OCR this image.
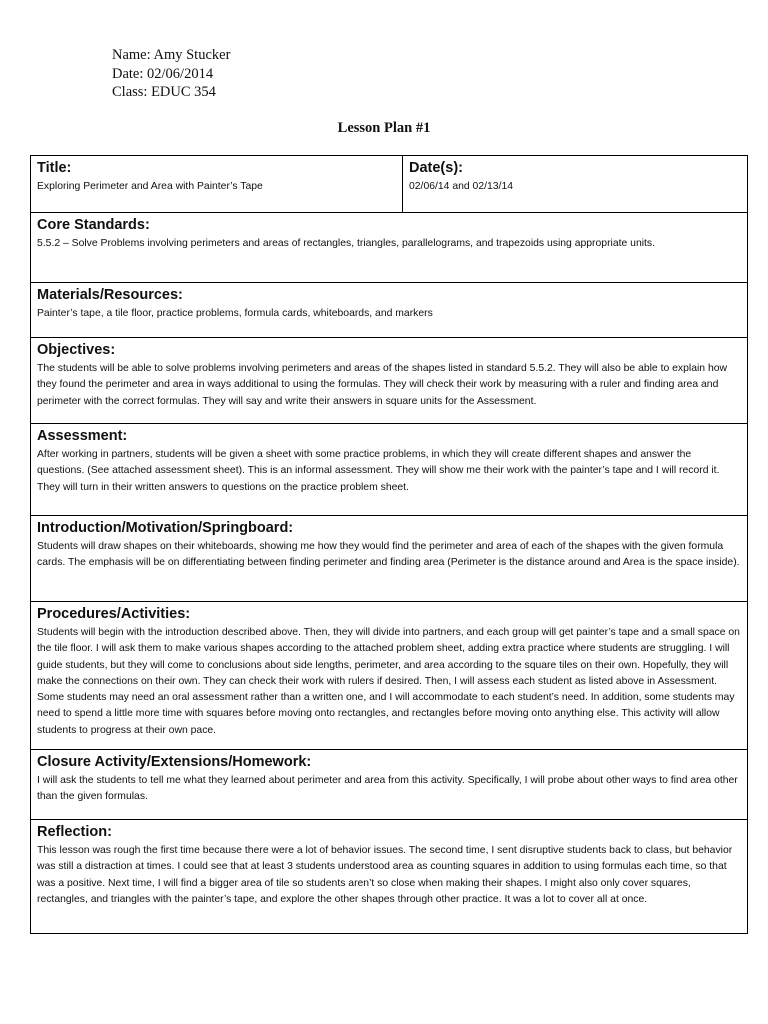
Name: Amy Stucker
Date: 02/06/2014
Class: EDUC 354
Lesson Plan #1
Title:
Exploring Perimeter and Area with Painter’s Tape

Date(s):
02/06/14 and 02/13/14

Core Standards:
5.5.2 – Solve Problems involving perimeters and areas of rectangles, triangles, parallelograms, and trapezoids using appropriate units.

Materials/Resources:
Painter’s tape, a tile floor, practice problems, formula cards, whiteboards, and markers

Objectives:
The students will be able to solve problems involving perimeters and areas of the shapes listed in standard 5.5.2. They will also be able to explain how they found the perimeter and area in ways additional to using the formulas. They will check their work by measuring with a ruler and finding area and perimeter with the correct formulas. They will say and write their answers in square units for the Assessment.

Assessment:
After working in partners, students will be given a sheet with some practice problems, in which they will create different shapes and answer the questions. (See attached assessment sheet). This is an informal assessment. They will show me their work with the painter’s tape and I will record it. They will turn in their written answers to questions on the practice problem sheet.

Introduction/Motivation/Springboard:
Students will draw shapes on their whiteboards, showing me how they would find the perimeter and area of each of the shapes with the given formula cards. The emphasis will be on differentiating between finding perimeter and finding area (Perimeter is the distance around and Area is the space inside).

Procedures/Activities:
Students will begin with the introduction described above. Then, they will divide into partners, and each group will get painter’s tape and a small space on the tile floor. I will ask them to make various shapes according to the attached problem sheet, adding extra practice where students are struggling. I will guide students, but they will come to conclusions about side lengths, perimeter, and area according to the square tiles on their own. Hopefully, they will make the connections on their own. They can check their work with rulers if desired. Then, I will assess each student as listed above in Assessment. Some students may need an oral assessment rather than a written one, and I will accommodate to each student’s need. In addition, some students may need to spend a little more time with squares before moving onto rectangles, and rectangles before moving onto anything else. This activity will allow students to progress at their own pace.

Closure Activity/Extensions/Homework:
I will ask the students to tell me what they learned about perimeter and area from this activity. Specifically, I will probe about other ways to find area other than the given formulas.

Reflection:
This lesson was rough the first time because there were a lot of behavior issues. The second time, I sent disruptive students back to class, but behavior was still a distraction at times. I could see that at least 3 students understood area as counting squares in addition to using formulas each time, so that was a positive. Next time, I will find a bigger area of tile so students aren’t so close when making their shapes. I might also only cover squares, rectangles, and triangles with the painter’s tape, and explore the other shapes through other practice. It was a lot to cover all at once.
